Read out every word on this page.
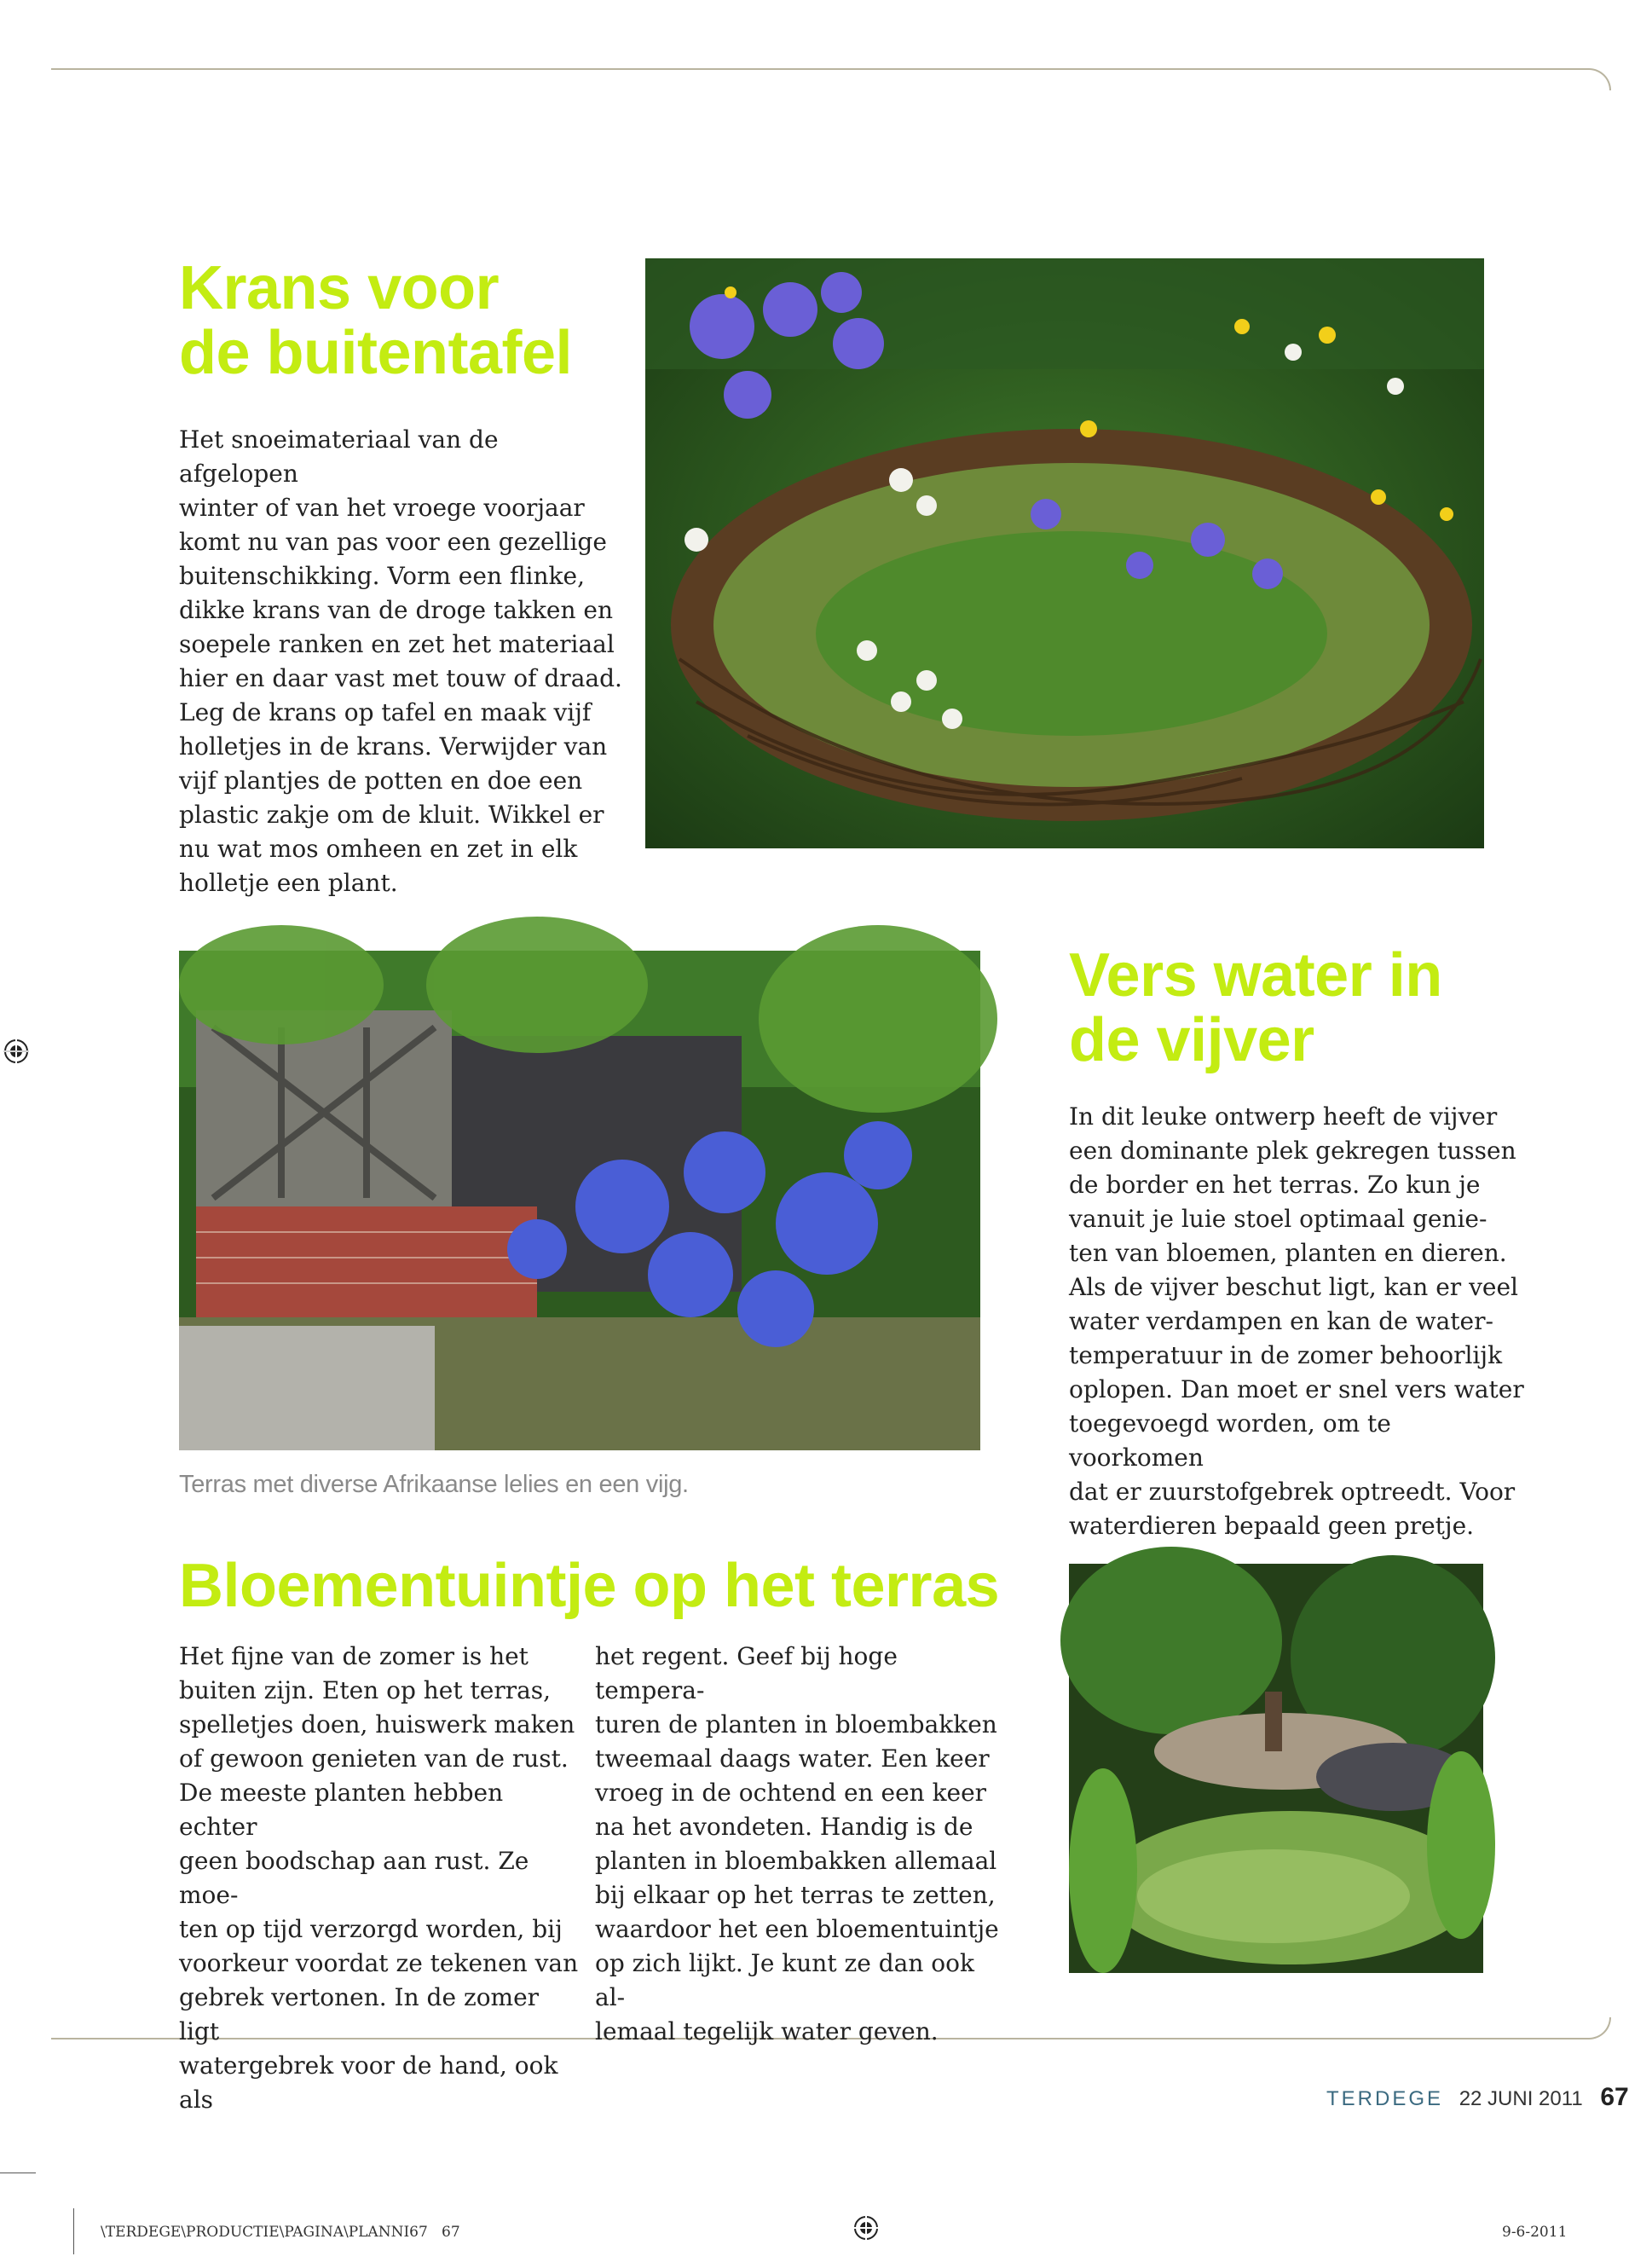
Krans voor
de buitentafel

Het snoeimateriaal van de afgelopen
winter of van het vroege voorjaar
komt nu van pas voor een gezellige
buitenschikking. Vorm een flinke,
dikke krans van de droge takken en
soepele ranken en zet het materiaal
hier en daar vast met touw of draad.
Leg de krans op tafel en maak vijf
holletjes in de krans. Verwijder van
vijf plantjes de potten en doe een
plastic zakje om de kluit. Wikkel er
nu wat mos omheen en zet in elk
holletje een plant.

Terras met diverse Afrikaanse lelies en een vijg.
Vers water in
de vijver

In dit leuke ontwerp heeft de vijver
een dominante plek gekregen tussen
de border en het terras. Zo kun je
vanuit je luie stoel optimaal genie-
ten van bloemen, planten en dieren.
Als de vijver beschut ligt, kan er veel
water verdampen en kan de water-
temperatuur in de zomer behoorlijk
oplopen. Dan moet er snel vers water
toegevoegd worden, om te voorkomen
dat er zuurstofgebrek optreedt. Voor
waterdieren bepaald geen pretje.

Bloementuintje op het terras

Het fijne van de zomer is het
buiten zijn. Eten op het terras,
spelletjes doen, huiswerk maken
of gewoon genieten van de rust.
De meeste planten hebben echter
geen boodschap aan rust. Ze moe-
ten op tijd verzorgd worden, bij
voorkeur voordat ze tekenen van
gebrek vertonen. In de zomer ligt
watergebrek voor de hand, ook als

het regent. Geef bij hoge tempera-
turen de planten in bloembakken
tweemaal daags water. Een keer
vroeg in de ochtend en een keer
na het avondeten. Handig is de
planten in bloembakken allemaal
bij elkaar op het terras te zetten,
waardoor het een bloementuintje
op zich lijkt. Je kunt ze dan ook al-
lemaal tegelijk water geven.

TERDEGE 22 JUNI 2011 67
\TERDEGE\PRODUCTIE\PAGINA\PLANNI67   67	9-6-2011
